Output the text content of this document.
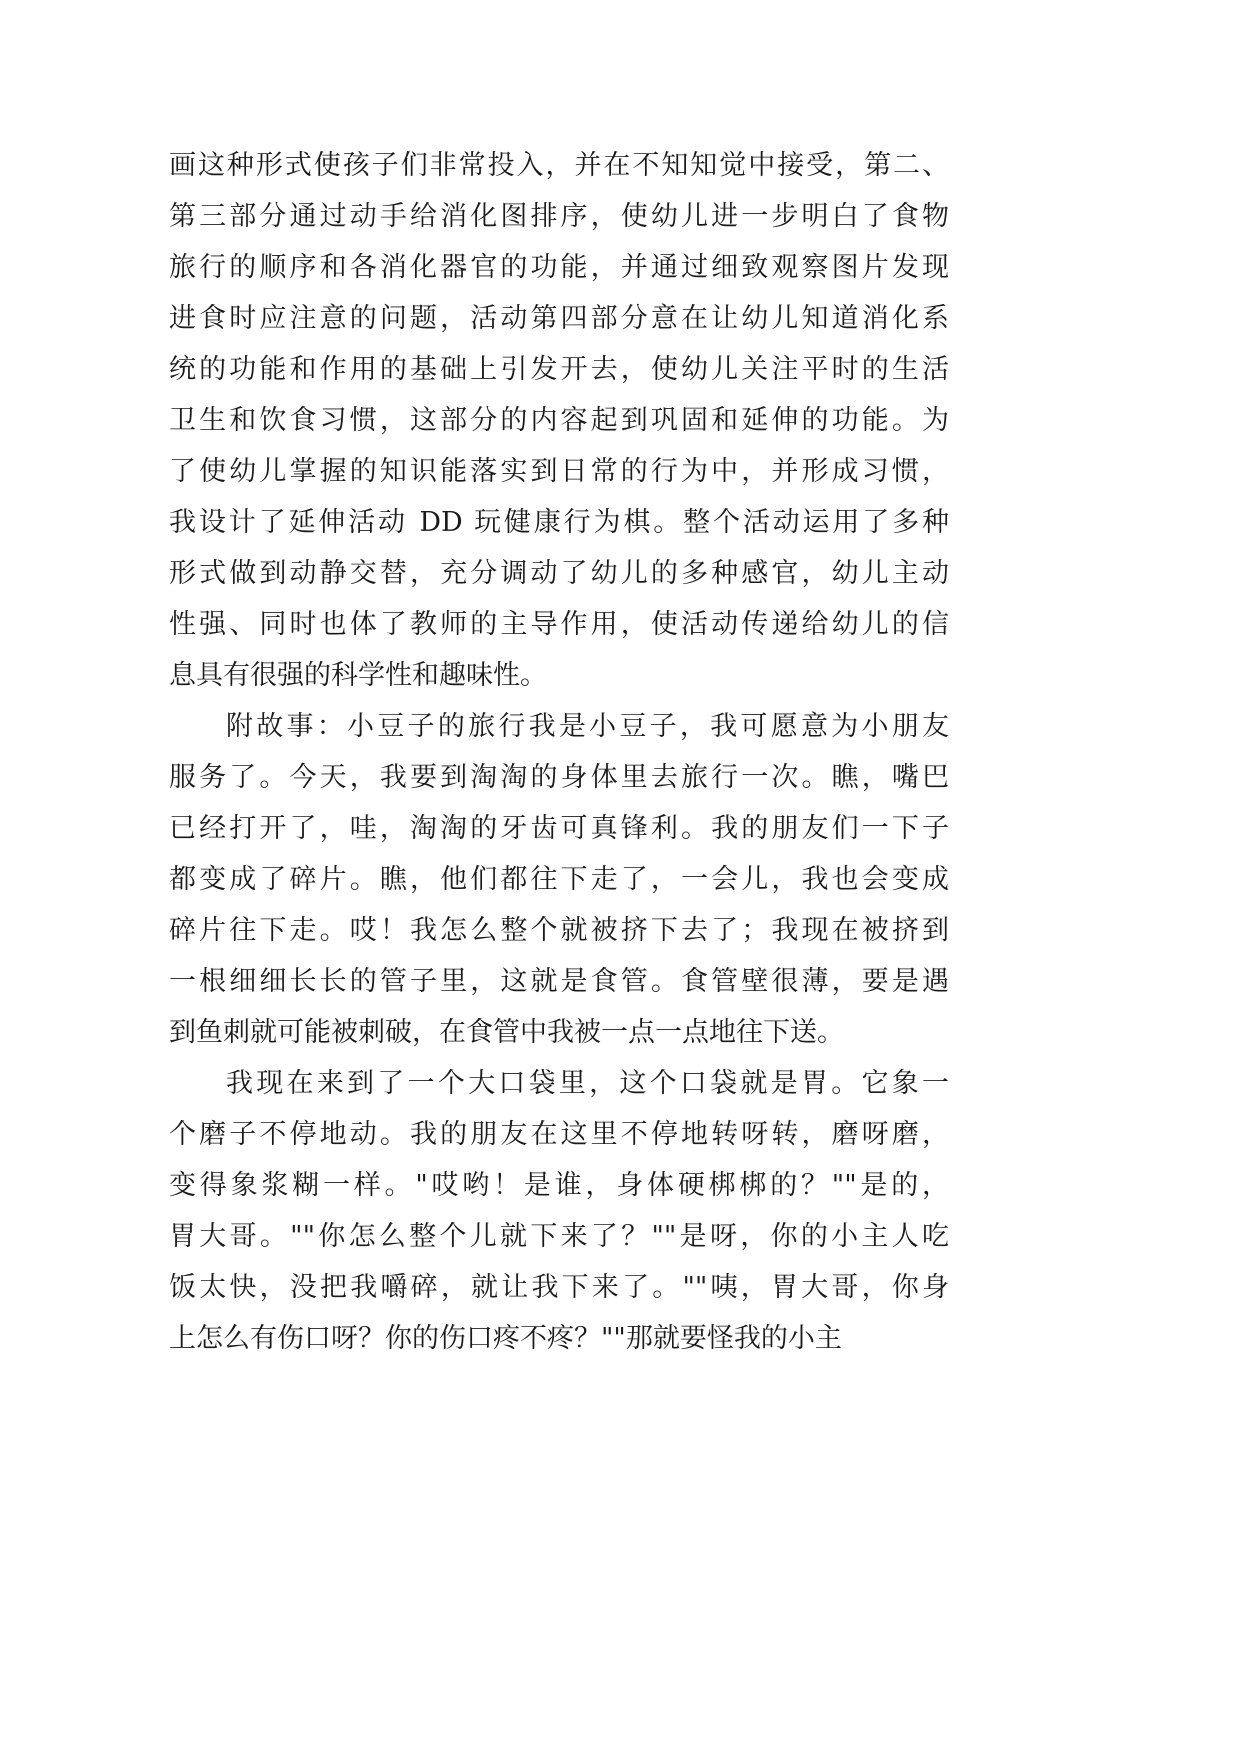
画这种形式使孩子们非常投入，并在不知知觉中接受，第二、
第三部分通过动手给消化图排序，使幼儿进一步明白了食物
旅行的顺序和各消化器官的功能，并通过细致观察图片发现
进食时应注意的问题，活动第四部分意在让幼儿知道消化系
统的功能和作用的基础上引发开去，使幼儿关注平时的生活
卫生和饮食习惯，这部分的内容起到巩固和延伸的功能。为
了使幼儿掌握的知识能落实到日常的行为中，并形成习惯，
我设计了延伸活动 DD 玩健康行为棋。整个活动运用了多种
形式做到动静交替，充分调动了幼儿的多种感官，幼儿主动
性强、同时也体了教师的主导作用，使活动传递给幼儿的信
息具有很强的科学性和趣味性。
附故事：小豆子的旅行我是小豆子，我可愿意为小朋友
服务了。今天，我要到淘淘的身体里去旅行一次。瞧，嘴巴
已经打开了，哇，淘淘的牙齿可真锋利。我的朋友们一下子
都变成了碎片。瞧，他们都往下走了，一会儿，我也会变成
碎片往下走。哎！我怎么整个就被挤下去了；我现在被挤到
一根细细长长的管子里，这就是食管。食管壁很薄，要是遇
到鱼刺就可能被刺破，在食管中我被一点一点地往下送。
我现在来到了一个大口袋里，这个口袋就是胃。它象一
个磨子不停地动。我的朋友在这里不停地转呀转，磨呀磨，
变得象浆糊一样。"哎哟！是谁，身体硬梆梆的？""是的，
胃大哥。""你怎么整个儿就下来了？""是呀，你的小主人吃
饭太快，没把我嚼碎，就让我下来了。""咦，胃大哥，你身
上怎么有伤口呀？你的伤口疼不疼？""那就要怪我的小主
